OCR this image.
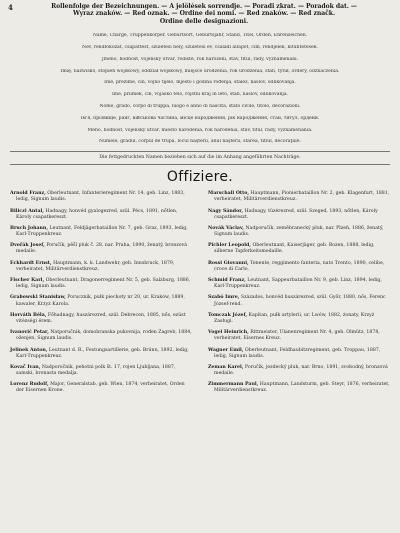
4	Rollenfolge der Bezeichnungen. — A jelölések sorrendje. — Poradi zkrat. — Poradok dat. —
Wyraz znaków. — Red oznak. — Ordine dei nomi. — Red znaków. — Red značk.
Ordine delle designazioni.
Name, Charge, Truppenkörper, Geburtsort, Geburtsjahr, Stand, Titel, Orden, Ehrenzeichen.
Név, rendfokozat, csapattest, születési hely, születési év, családi állapot, cím, rendjelek, kitüntetések.
Jméno, hodnost, vojenský útvar, rodiště, rok narození, stav, titul, řády, vyznamenání.
Imię, nazwisko, stopień wojskowy, oddział wojskowy, miejsce urodzenia, rok urodzenia, stan, tytuł, ordery, odznaczenia.
Ime, prezime, čin, vojno tijelo, mjesto i godina rođenja, stalež, naslov, odlikovanja.
Ime, priimek, čin, vojaško telo, rojstni kraj in leto, stan, naslov, odlikovanja.
Nome, grado, corpo di truppa, luogo e anno di nascita, stato civile, titolo, decorazioni.
Ім'я, прізвище, ранг, військова частина, місце народження, рік народження, стан, титул, ордени.
Meno, hodnosť, vojenský útvar, miesto narodenia, rok narodenia, stav, titul, rády, vyznamenania.
Numele, gradul, corpul de trupă, locul naşterii, anul naşterii, starea, titlul, decoraţiile.
Die fettgedruckten Namen beziehen sich auf die im Anhang angeführten Nachträge.
Offiziere.
Arnold Franz, Oberleutnant, Infanterieregiment Nr. 14, geb. Linz, 1883, ledig, Signum laudis.
Biliczi Antal, Hadnagy, honvéd gyalogezred, szül. Pécs, 1891, nőtlen, Károly csapatkereszt.
Bruch Johann, Leutnant, Feldjägerbataillon Nr. 7, geb. Graz, 1893, ledig, Karl-Truppenkreuz.
Dvořák Josef, Poručík, pěší pluk č. 28, nar. Praha, 1890, ženatý, bronzová medaile.
Eckhardt Ernst, Hauptmann, k. k. Landwehr, geb. Innsbruck, 1879, verheiratet, Militärverdienstkreuz.
Fischer Karl, Oberleutnant, Dragonerregiment Nr. 5, geb. Salzburg, 1886, ledig, Signum laudis.
Grabowski Stanisław, Porucznik, pułk piechoty nr 20, ur. Kraków, 1889, kawaler, Krzyż Karola.
Horváth Béla, Főhadnagy, huszárezred, szül. Debrecen, 1885, nős, ezüst vitézségi érem.
Ivanović Petar, Natporučnik, domobranska pukovnija, rođen Zagreb, 1884, oženjen, Signum laudis.
Jelinek Anton, Leutnant d. R., Festungsartillerie, geb. Brünn, 1892, ledig, Karl-Truppenkreuz.
Kovač Ivan, Nadporočnik, pehotni polk št. 17, rojen Ljubljana, 1887, samski, bronasta medalja.
Lorenz Rudolf, Major, Generalstab, geb. Wien, 1874, verheiratet, Orden der Eisernen Krone.
Marschall Otto, Hauptmann, Pionierbataillon Nr. 2, geb. Klagenfurt, 1881, verheiratet, Militärverdienstkreuz.
Nagy Sándor, Hadnagy, tüzérezred, szül. Szeged, 1893, nőtlen, Károly csapatkereszt.
Novák Václav, Nadporučík, zeměbranecký pluk, nar. Plzeň, 1886, ženatý, Signum laudis.
Pichler Leopold, Oberleutnant, Kaiserjäger, geb. Bozen, 1888, ledig, silberne Tapferkeitsmedaille.
Rossi Giovanni, Tenente, reggimento fanteria, nato Trento, 1890, celibe, croce di Carlo.
Schmid Franz, Leutnant, Sappeurbataillon Nr. 9, geb. Linz, 1894, ledig, Karl-Truppenkreuz.
Szabó Imre, Százados, honvéd huszárezred, szül. Győr, 1880, nős, Ferenc József-rend.
Tomczak Józef, Kapitan, pułk artylerii, ur. Lwów, 1882, żonaty, Krzyż Zasługi.
Vogel Heinrich, Rittmeister, Ulanenregiment Nr. 4, geb. Olmütz, 1878, verheiratet, Eisernes Kreuz.
Wagner Emil, Oberleutnant, Feldhaubitzregiment, geb. Troppau, 1887, ledig, Signum laudis.
Zeman Karel, Poručík, jezdecký pluk, nar. Brno, 1891, svobodný, bronzová medaile.
Zimmermann Paul, Hauptmann, Landsturm, geb. Steyr, 1876, verheiratet, Militärverdienstkreuz.
